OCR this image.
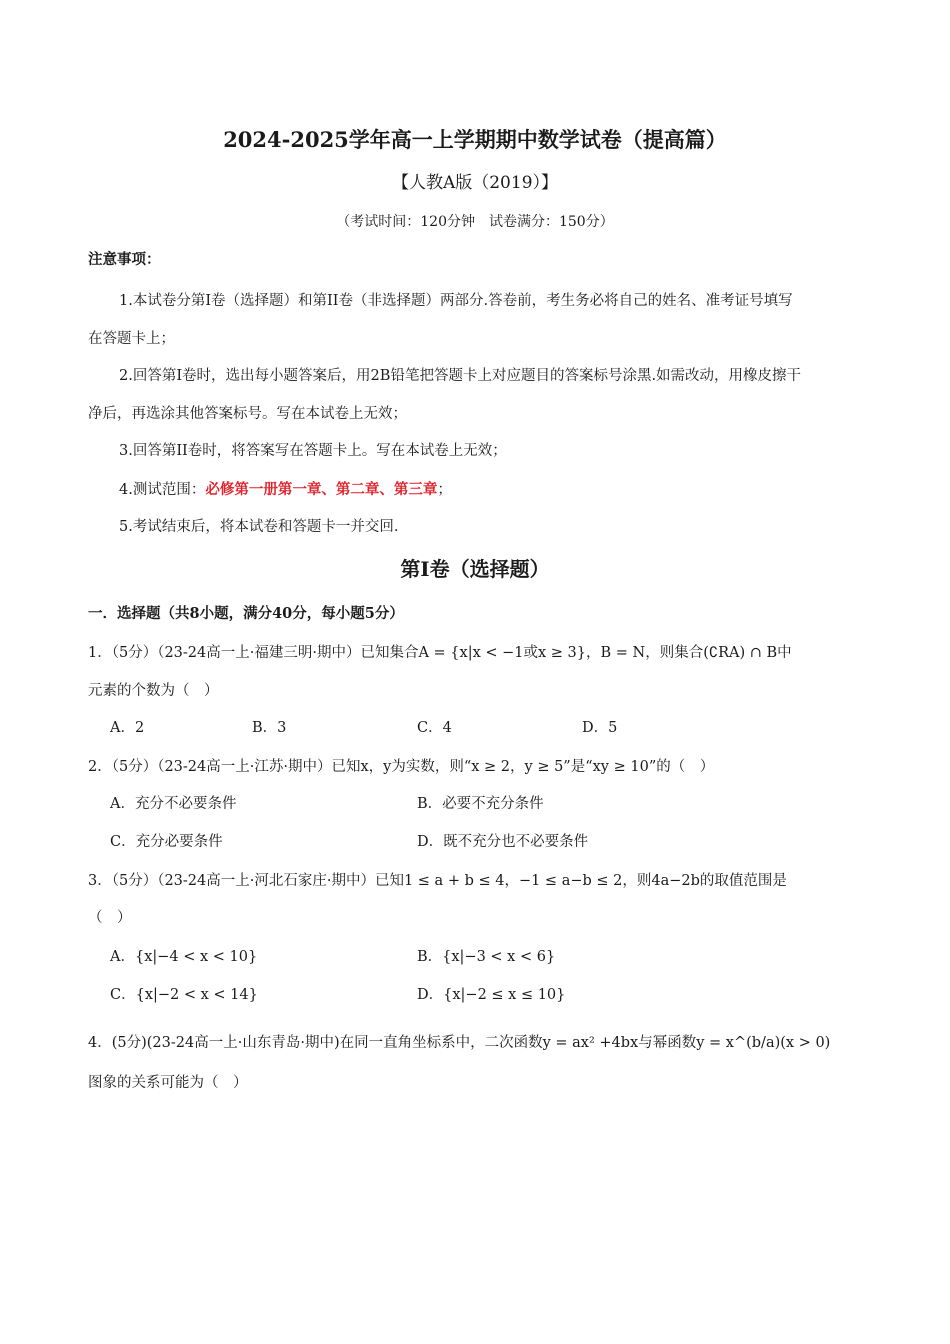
2024-2025学年高一上学期期中数学试卷（提高篇）
【人教A版（2019）】
（考试时间：120分钟　试卷满分：150分）
注意事项：
1.本试卷分第I卷（选择题）和第II卷（非选择题）两部分.答卷前，考生务必将自己的姓名、准考证号填写
在答题卡上；
2.回答第I卷时，选出每小题答案后，用2B铅笔把答题卡上对应题目的答案标号涂黑.如需改动，用橡皮擦干
净后，再选涂其他答案标号。写在本试卷上无效；
3.回答第II卷时，将答案写在答题卡上。写在本试卷上无效；
4.测试范围：必修第一册第一章、第二章、第三章；
5.考试结束后，将本试卷和答题卡一并交回.
第I卷（选择题）
一．选择题（共8小题，满分40分，每小题5分）
1．（5分）（23-24高一上·福建三明·期中）已知集合A = {x|x < −1或x ≥ 3}，B = N，则集合(∁RA) ∩ B中
元素的个数为（　）
A．2	B．3	C．4	D．5
2．（5分）（23-24高一上·江苏·期中）已知x，y为实数，则“x ≥ 2，y ≥ 5”是“xy ≥ 10”的（　）
A．充分不必要条件	B．必要不充分条件
C．充分必要条件	D．既不充分也不必要条件
3．（5分）（23-24高一上·河北石家庄·期中）已知1 ≤ a + b ≤ 4，−1 ≤ a−b ≤ 2，则4a−2b的取值范围是
（　）
A．{x|−4 < x < 10}	B．{x|−3 < x < 6}
C．{x|−2 < x < 14}	D．{x|−2 ≤ x ≤ 10}
4．(5分)(23-24高一上·山东青岛·期中)在同一直角坐标系中，二次函数y = ax² +4bx与幂函数y = x^(b/a)(x > 0)
图象的关系可能为（　）
